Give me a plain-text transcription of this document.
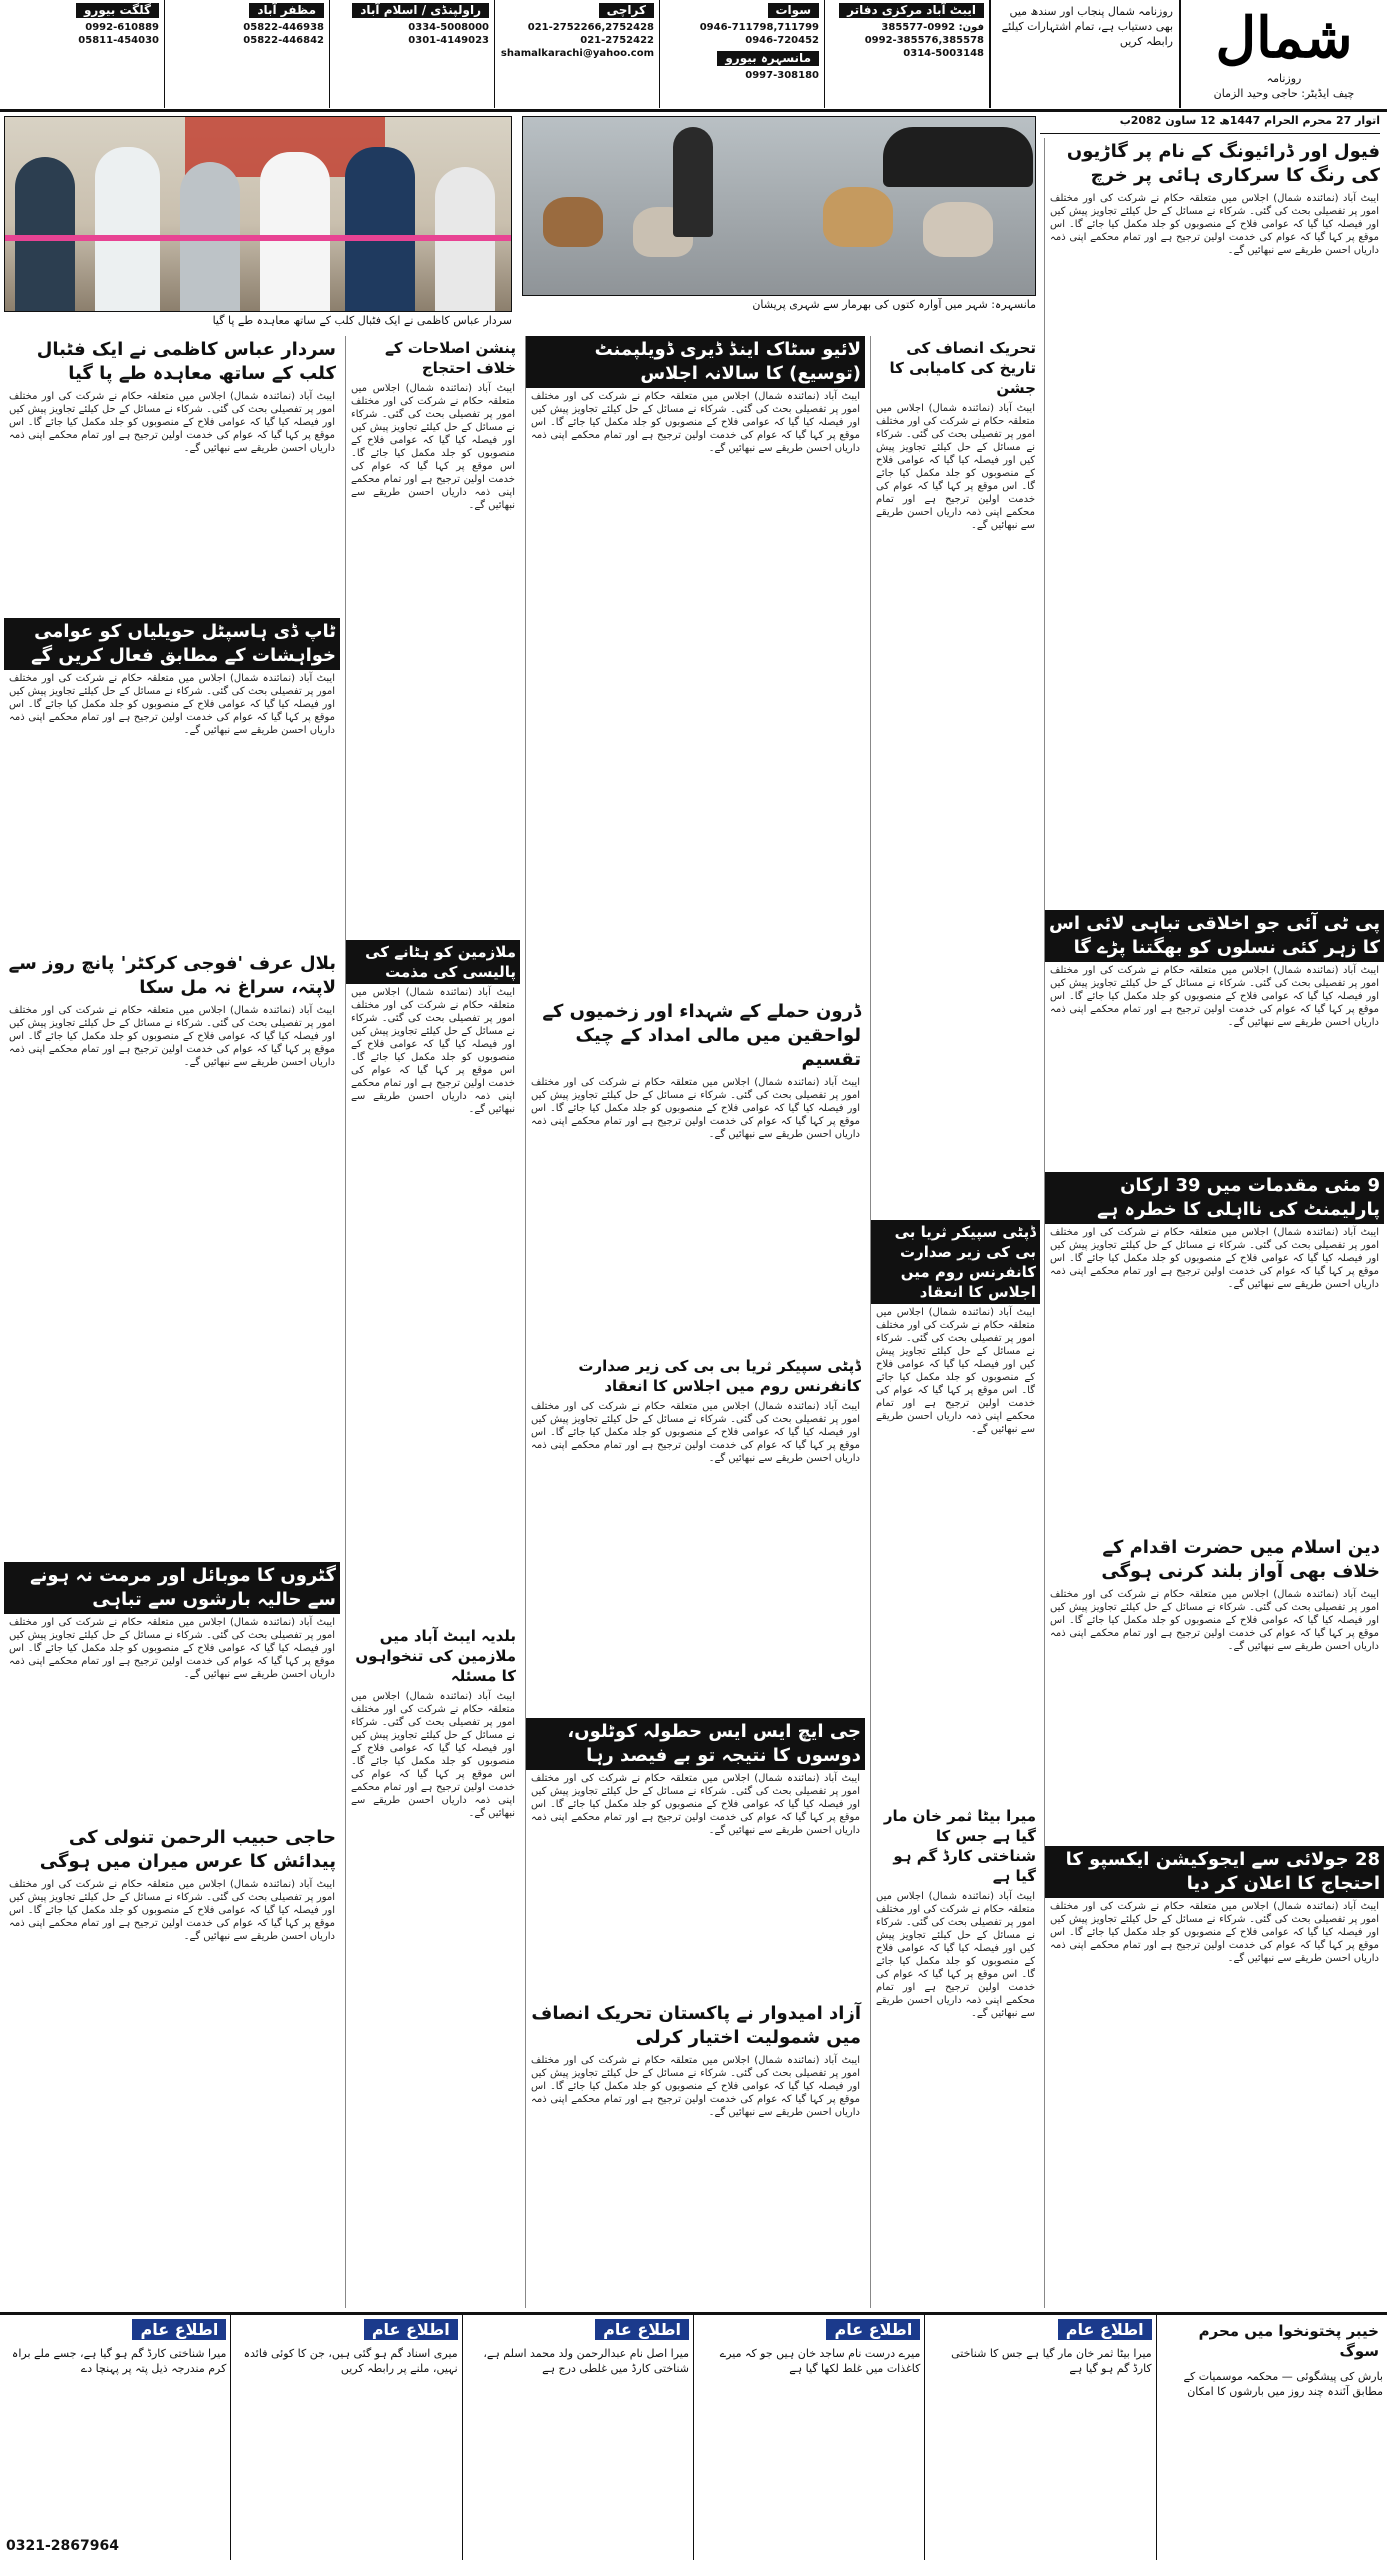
شمال
روزنامہ
چیف ایڈیٹر: حاجی وحید الزمان
روزنامہ شمال پنجاب اور سندھ میں بھی دستیاب ہے، تمام اشتہارات کیلئے رابطہ کریں
ایبٹ آباد مرکزی دفاتر
فون: 0992-385577
0992-385576,385578
0314-5003148
سوات
0946-711798,711799
0946-720452
مانسہرہ بیورو
0997-308180
کراچی
021-2752266,2752428
021-2752422
shamalkarachi@yahoo.com
راولپنڈی / اسلام آباد
0334-5008000
0301-4149023
مظفر آباد
05822-446938
05822-446842
گلگت بیورو
0992-610889
05811-454030
اتوار 27 محرم الحرام 1447ھ 12 ساون 2082ب
سردار عباس کاظمی نے ایک فٹبال کلب کے ساتھ معاہدہ طے پا گیا
مانسہرہ: شہر میں آوارہ کتوں کی بھرمار سے شہری پریشان
فیول اور ڈرائیونگ کے نام پر گاڑیوں کی رنگ کا سرکاری ہائی پر خرچ
ایبٹ آباد (نمائندہ شمال) اجلاس میں متعلقہ حکام نے شرکت کی اور مختلف امور پر تفصیلی بحث کی گئی۔ شرکاء نے مسائل کے حل کیلئے تجاویز پیش کیں اور فیصلہ کیا گیا کہ عوامی فلاح کے منصوبوں کو جلد مکمل کیا جائے گا۔ اس موقع پر کہا گیا کہ عوام کی خدمت اولین ترجیح ہے اور تمام محکمے اپنی ذمہ داریاں احسن طریقے سے نبھائیں گے۔
پی ٹی آئی جو اخلاقی تباہی لائی اس کا زہر کئی نسلوں کو بھگتنا پڑے گا
ایبٹ آباد (نمائندہ شمال) اجلاس میں متعلقہ حکام نے شرکت کی اور مختلف امور پر تفصیلی بحث کی گئی۔ شرکاء نے مسائل کے حل کیلئے تجاویز پیش کیں اور فیصلہ کیا گیا کہ عوامی فلاح کے منصوبوں کو جلد مکمل کیا جائے گا۔ اس موقع پر کہا گیا کہ عوام کی خدمت اولین ترجیح ہے اور تمام محکمے اپنی ذمہ داریاں احسن طریقے سے نبھائیں گے۔
9 مئی مقدمات میں 39 ارکان پارلیمنٹ کی نااہلی کا خطرہ ہے
ایبٹ آباد (نمائندہ شمال) اجلاس میں متعلقہ حکام نے شرکت کی اور مختلف امور پر تفصیلی بحث کی گئی۔ شرکاء نے مسائل کے حل کیلئے تجاویز پیش کیں اور فیصلہ کیا گیا کہ عوامی فلاح کے منصوبوں کو جلد مکمل کیا جائے گا۔ اس موقع پر کہا گیا کہ عوام کی خدمت اولین ترجیح ہے اور تمام محکمے اپنی ذمہ داریاں احسن طریقے سے نبھائیں گے۔
دین اسلام میں حضرت اقدام کے خلاف بھی آواز بلند کرنی ہوگی
ایبٹ آباد (نمائندہ شمال) اجلاس میں متعلقہ حکام نے شرکت کی اور مختلف امور پر تفصیلی بحث کی گئی۔ شرکاء نے مسائل کے حل کیلئے تجاویز پیش کیں اور فیصلہ کیا گیا کہ عوامی فلاح کے منصوبوں کو جلد مکمل کیا جائے گا۔ اس موقع پر کہا گیا کہ عوام کی خدمت اولین ترجیح ہے اور تمام محکمے اپنی ذمہ داریاں احسن طریقے سے نبھائیں گے۔
28 جولائی سے ایجوکیشن ایکسپو کا احتجاج کا اعلان کر دیا
ایبٹ آباد (نمائندہ شمال) اجلاس میں متعلقہ حکام نے شرکت کی اور مختلف امور پر تفصیلی بحث کی گئی۔ شرکاء نے مسائل کے حل کیلئے تجاویز پیش کیں اور فیصلہ کیا گیا کہ عوامی فلاح کے منصوبوں کو جلد مکمل کیا جائے گا۔ اس موقع پر کہا گیا کہ عوام کی خدمت اولین ترجیح ہے اور تمام محکمے اپنی ذمہ داریاں احسن طریقے سے نبھائیں گے۔
تحریک انصاف کی تاریخ کی کامیابی کا جشن
ایبٹ آباد (نمائندہ شمال) اجلاس میں متعلقہ حکام نے شرکت کی اور مختلف امور پر تفصیلی بحث کی گئی۔ شرکاء نے مسائل کے حل کیلئے تجاویز پیش کیں اور فیصلہ کیا گیا کہ عوامی فلاح کے منصوبوں کو جلد مکمل کیا جائے گا۔ اس موقع پر کہا گیا کہ عوام کی خدمت اولین ترجیح ہے اور تمام محکمے اپنی ذمہ داریاں احسن طریقے سے نبھائیں گے۔
ڈپٹی سپیکر ثریا بی بی کی زیر صدارت کانفرنس روم میں اجلاس کا انعقاد
ایبٹ آباد (نمائندہ شمال) اجلاس میں متعلقہ حکام نے شرکت کی اور مختلف امور پر تفصیلی بحث کی گئی۔ شرکاء نے مسائل کے حل کیلئے تجاویز پیش کیں اور فیصلہ کیا گیا کہ عوامی فلاح کے منصوبوں کو جلد مکمل کیا جائے گا۔ اس موقع پر کہا گیا کہ عوام کی خدمت اولین ترجیح ہے اور تمام محکمے اپنی ذمہ داریاں احسن طریقے سے نبھائیں گے۔
میرا بیٹا ثمر خان مار گیا ہے جس کا شناختی کارڈ گم ہو گیا ہے
ایبٹ آباد (نمائندہ شمال) اجلاس میں متعلقہ حکام نے شرکت کی اور مختلف امور پر تفصیلی بحث کی گئی۔ شرکاء نے مسائل کے حل کیلئے تجاویز پیش کیں اور فیصلہ کیا گیا کہ عوامی فلاح کے منصوبوں کو جلد مکمل کیا جائے گا۔ اس موقع پر کہا گیا کہ عوام کی خدمت اولین ترجیح ہے اور تمام محکمے اپنی ذمہ داریاں احسن طریقے سے نبھائیں گے۔
لائیو سٹاک اینڈ ڈیری ڈویلپمنٹ (توسیع) کا سالانہ اجلاس
ایبٹ آباد (نمائندہ شمال) اجلاس میں متعلقہ حکام نے شرکت کی اور مختلف امور پر تفصیلی بحث کی گئی۔ شرکاء نے مسائل کے حل کیلئے تجاویز پیش کیں اور فیصلہ کیا گیا کہ عوامی فلاح کے منصوبوں کو جلد مکمل کیا جائے گا۔ اس موقع پر کہا گیا کہ عوام کی خدمت اولین ترجیح ہے اور تمام محکمے اپنی ذمہ داریاں احسن طریقے سے نبھائیں گے۔
ڈرون حملے کے شہداء اور زخمیوں کے لواحقین میں مالی امداد کے چیک تقسیم
ایبٹ آباد (نمائندہ شمال) اجلاس میں متعلقہ حکام نے شرکت کی اور مختلف امور پر تفصیلی بحث کی گئی۔ شرکاء نے مسائل کے حل کیلئے تجاویز پیش کیں اور فیصلہ کیا گیا کہ عوامی فلاح کے منصوبوں کو جلد مکمل کیا جائے گا۔ اس موقع پر کہا گیا کہ عوام کی خدمت اولین ترجیح ہے اور تمام محکمے اپنی ذمہ داریاں احسن طریقے سے نبھائیں گے۔
ڈپٹی سپیکر ثریا بی بی کی زیر صدارت کانفرنس روم میں اجلاس کا انعقاد
ایبٹ آباد (نمائندہ شمال) اجلاس میں متعلقہ حکام نے شرکت کی اور مختلف امور پر تفصیلی بحث کی گئی۔ شرکاء نے مسائل کے حل کیلئے تجاویز پیش کیں اور فیصلہ کیا گیا کہ عوامی فلاح کے منصوبوں کو جلد مکمل کیا جائے گا۔ اس موقع پر کہا گیا کہ عوام کی خدمت اولین ترجیح ہے اور تمام محکمے اپنی ذمہ داریاں احسن طریقے سے نبھائیں گے۔
جی ایچ ایس ایس حطولہ کوٹلوں، دوسوں کا نتیجہ تو بے فیصد رہا
ایبٹ آباد (نمائندہ شمال) اجلاس میں متعلقہ حکام نے شرکت کی اور مختلف امور پر تفصیلی بحث کی گئی۔ شرکاء نے مسائل کے حل کیلئے تجاویز پیش کیں اور فیصلہ کیا گیا کہ عوامی فلاح کے منصوبوں کو جلد مکمل کیا جائے گا۔ اس موقع پر کہا گیا کہ عوام کی خدمت اولین ترجیح ہے اور تمام محکمے اپنی ذمہ داریاں احسن طریقے سے نبھائیں گے۔
آزاد امیدوار نے پاکستان تحریک انصاف میں شمولیت اختیار کرلی
ایبٹ آباد (نمائندہ شمال) اجلاس میں متعلقہ حکام نے شرکت کی اور مختلف امور پر تفصیلی بحث کی گئی۔ شرکاء نے مسائل کے حل کیلئے تجاویز پیش کیں اور فیصلہ کیا گیا کہ عوامی فلاح کے منصوبوں کو جلد مکمل کیا جائے گا۔ اس موقع پر کہا گیا کہ عوام کی خدمت اولین ترجیح ہے اور تمام محکمے اپنی ذمہ داریاں احسن طریقے سے نبھائیں گے۔
پنشن اصلاحات کے خلاف احتجاج
ایبٹ آباد (نمائندہ شمال) اجلاس میں متعلقہ حکام نے شرکت کی اور مختلف امور پر تفصیلی بحث کی گئی۔ شرکاء نے مسائل کے حل کیلئے تجاویز پیش کیں اور فیصلہ کیا گیا کہ عوامی فلاح کے منصوبوں کو جلد مکمل کیا جائے گا۔ اس موقع پر کہا گیا کہ عوام کی خدمت اولین ترجیح ہے اور تمام محکمے اپنی ذمہ داریاں احسن طریقے سے نبھائیں گے۔
ملازمین کو ہٹانے کی پالیسی کی مذمت
ایبٹ آباد (نمائندہ شمال) اجلاس میں متعلقہ حکام نے شرکت کی اور مختلف امور پر تفصیلی بحث کی گئی۔ شرکاء نے مسائل کے حل کیلئے تجاویز پیش کیں اور فیصلہ کیا گیا کہ عوامی فلاح کے منصوبوں کو جلد مکمل کیا جائے گا۔ اس موقع پر کہا گیا کہ عوام کی خدمت اولین ترجیح ہے اور تمام محکمے اپنی ذمہ داریاں احسن طریقے سے نبھائیں گے۔
بلدیہ ایبٹ آباد میں ملازمین کی تنخواہوں کا مسئلہ
ایبٹ آباد (نمائندہ شمال) اجلاس میں متعلقہ حکام نے شرکت کی اور مختلف امور پر تفصیلی بحث کی گئی۔ شرکاء نے مسائل کے حل کیلئے تجاویز پیش کیں اور فیصلہ کیا گیا کہ عوامی فلاح کے منصوبوں کو جلد مکمل کیا جائے گا۔ اس موقع پر کہا گیا کہ عوام کی خدمت اولین ترجیح ہے اور تمام محکمے اپنی ذمہ داریاں احسن طریقے سے نبھائیں گے۔
سردار عباس کاظمی نے ایک فٹبال کلب کے ساتھ معاہدہ طے پا گیا
ایبٹ آباد (نمائندہ شمال) اجلاس میں متعلقہ حکام نے شرکت کی اور مختلف امور پر تفصیلی بحث کی گئی۔ شرکاء نے مسائل کے حل کیلئے تجاویز پیش کیں اور فیصلہ کیا گیا کہ عوامی فلاح کے منصوبوں کو جلد مکمل کیا جائے گا۔ اس موقع پر کہا گیا کہ عوام کی خدمت اولین ترجیح ہے اور تمام محکمے اپنی ذمہ داریاں احسن طریقے سے نبھائیں گے۔
ٹاپ ڈی ہاسپٹل حویلیاں کو عوامی خواہشات کے مطابق فعال کریں گے
ایبٹ آباد (نمائندہ شمال) اجلاس میں متعلقہ حکام نے شرکت کی اور مختلف امور پر تفصیلی بحث کی گئی۔ شرکاء نے مسائل کے حل کیلئے تجاویز پیش کیں اور فیصلہ کیا گیا کہ عوامی فلاح کے منصوبوں کو جلد مکمل کیا جائے گا۔ اس موقع پر کہا گیا کہ عوام کی خدمت اولین ترجیح ہے اور تمام محکمے اپنی ذمہ داریاں احسن طریقے سے نبھائیں گے۔
بلال عرف 'فوجی کرکٹر' پانچ روز سے لاپتہ، سراغ نہ مل سکا
ایبٹ آباد (نمائندہ شمال) اجلاس میں متعلقہ حکام نے شرکت کی اور مختلف امور پر تفصیلی بحث کی گئی۔ شرکاء نے مسائل کے حل کیلئے تجاویز پیش کیں اور فیصلہ کیا گیا کہ عوامی فلاح کے منصوبوں کو جلد مکمل کیا جائے گا۔ اس موقع پر کہا گیا کہ عوام کی خدمت اولین ترجیح ہے اور تمام محکمے اپنی ذمہ داریاں احسن طریقے سے نبھائیں گے۔
گٹروں کا موبائل اور مرمت نہ ہونے سے حالیہ بارشوں سے تباہی
ایبٹ آباد (نمائندہ شمال) اجلاس میں متعلقہ حکام نے شرکت کی اور مختلف امور پر تفصیلی بحث کی گئی۔ شرکاء نے مسائل کے حل کیلئے تجاویز پیش کیں اور فیصلہ کیا گیا کہ عوامی فلاح کے منصوبوں کو جلد مکمل کیا جائے گا۔ اس موقع پر کہا گیا کہ عوام کی خدمت اولین ترجیح ہے اور تمام محکمے اپنی ذمہ داریاں احسن طریقے سے نبھائیں گے۔
حاجی حبیب الرحمن تنولی کی پیدائش کا عرس میران میں ہوگی
ایبٹ آباد (نمائندہ شمال) اجلاس میں متعلقہ حکام نے شرکت کی اور مختلف امور پر تفصیلی بحث کی گئی۔ شرکاء نے مسائل کے حل کیلئے تجاویز پیش کیں اور فیصلہ کیا گیا کہ عوامی فلاح کے منصوبوں کو جلد مکمل کیا جائے گا۔ اس موقع پر کہا گیا کہ عوام کی خدمت اولین ترجیح ہے اور تمام محکمے اپنی ذمہ داریاں احسن طریقے سے نبھائیں گے۔
خیبر پختونخوا میں محرم سوگ
بارش کی پیشگوئی — محکمہ موسمیات کے مطابق آئندہ چند روز میں بارشوں کا امکان
اطلاع عام
میرا بیٹا ثمر خان مار گیا ہے جس کا شناختی کارڈ گم ہو گیا ہے
اطلاع عام
میرے درست نام ساجد خان ہیں جو کہ میرے کاغذات میں غلط لکھا گیا ہے
اطلاع عام
میرا اصل نام عبدالرحمن ولد محمد اسلم ہے، شناختی کارڈ میں غلطی درج ہے
اطلاع عام
میری اسناد گم ہو گئی ہیں، جن کا کوئی فائدہ نہیں، ملنے پر رابطہ کریں
اطلاع عام
میرا شناختی کارڈ گم ہو گیا ہے، جسے ملے براہ کرم مندرجہ ذیل پتہ پر پہنچا دے
0321-2867964
